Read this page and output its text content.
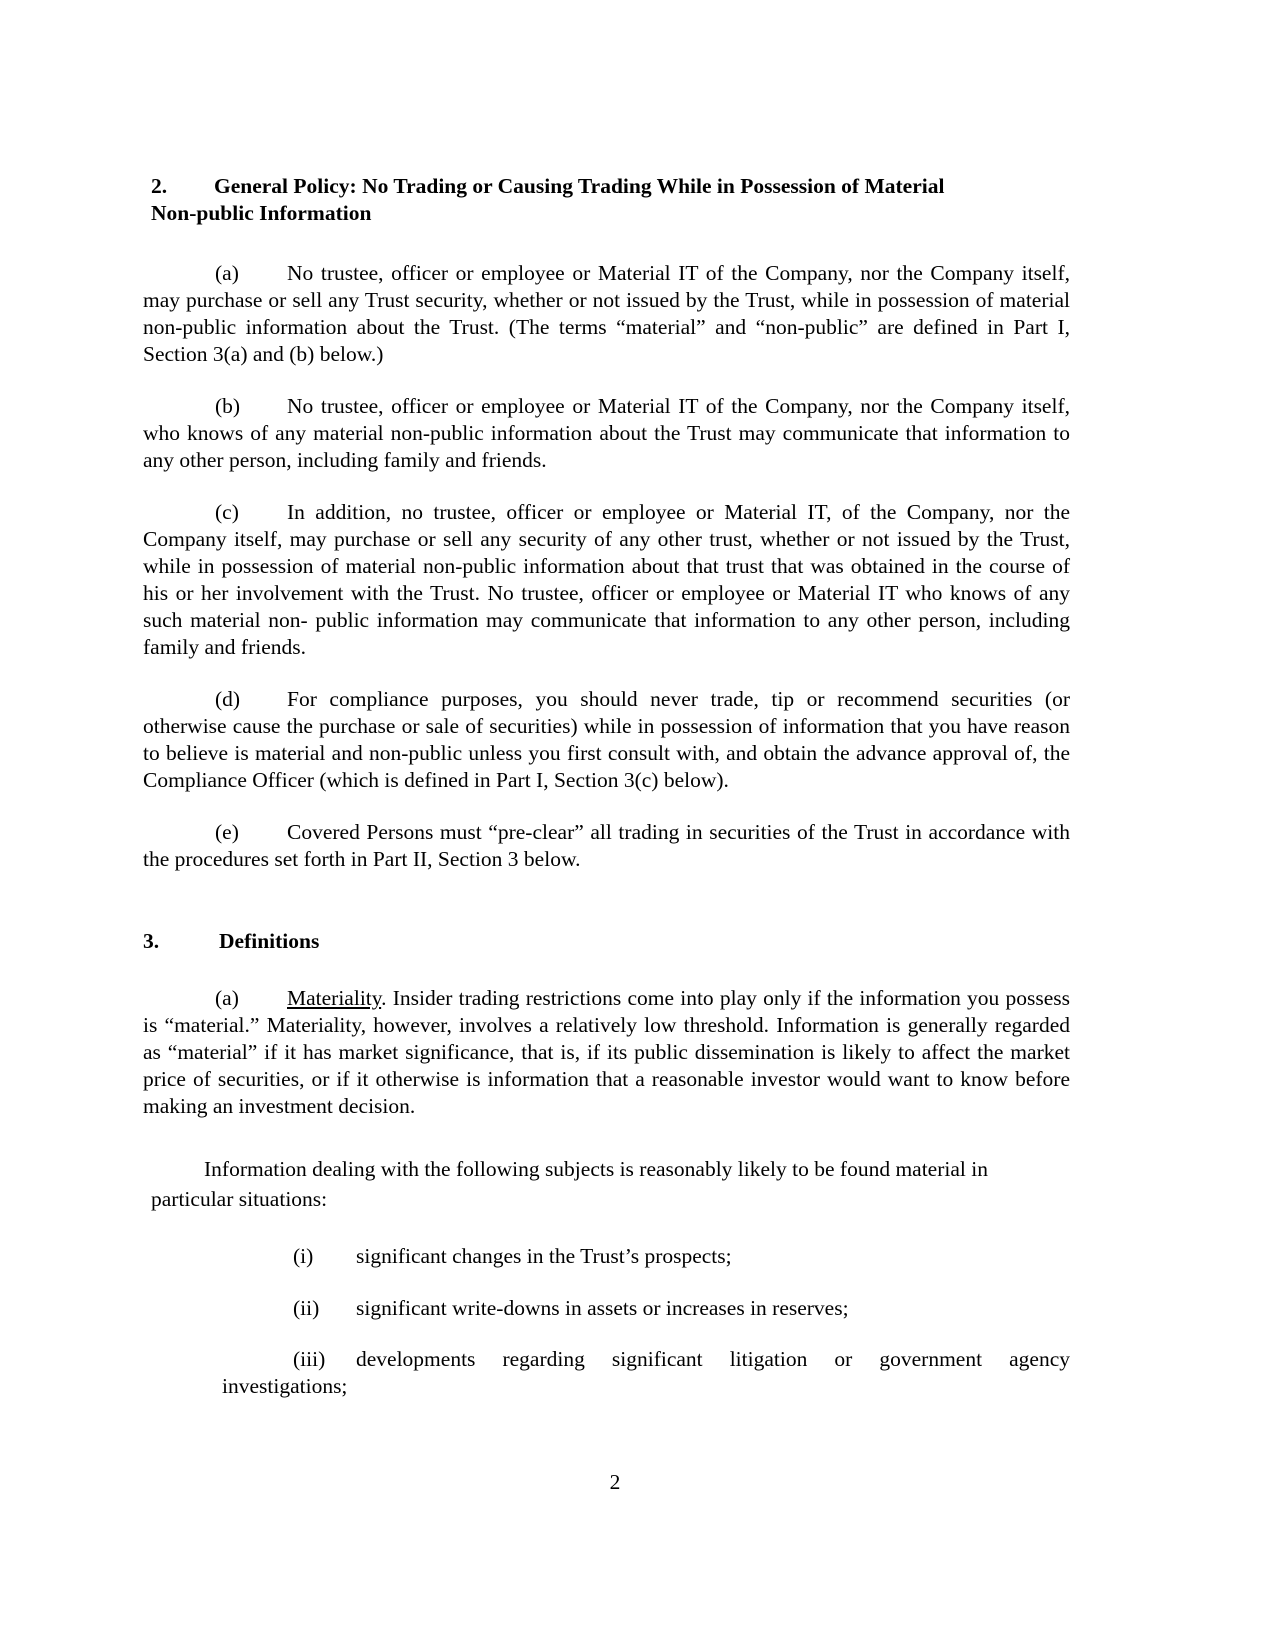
2. General Policy: No Trading or Causing Trading While in Possession of Material
Non-public Information
(a) No trustee, officer or employee or Material IT of the Company, nor the Company itself, may purchase or sell any Trust security, whether or not issued by the Trust, while in possession of material non-public information about the Trust. (The terms “material” and “non-public” are defined in Part I, Section 3(a) and (b) below.)
(b) No trustee, officer or employee or Material IT of the Company, nor the Company itself, who knows of any material non-public information about the Trust may communicate that information to any other person, including family and friends.
(c) In addition, no trustee, officer or employee or Material IT, of the Company, nor the Company itself, may purchase or sell any security of any other trust, whether or not issued by the Trust, while in possession of material non-public information about that trust that was obtained in the course of his or her involvement with the Trust. No trustee, officer or employee or Material IT who knows of any such material non- public information may communicate that information to any other person, including family and friends.
(d) For compliance purposes, you should never trade, tip or recommend securities (or otherwise cause the purchase or sale of securities) while in possession of information that you have reason to believe is material and non-public unless you first consult with, and obtain the advance approval of, the Compliance Officer (which is defined in Part I, Section 3(c) below).
(e) Covered Persons must “pre-clear” all trading in securities of the Trust in accordance with the procedures set forth in Part II, Section 3 below.
3.	Definitions
(a) Materiality. Insider trading restrictions come into play only if the information you possess is “material.” Materiality, however, involves a relatively low threshold. Information is generally regarded as “material” if it has market significance, that is, if its public dissemination is likely to affect the market price of securities, or if it otherwise is information that a reasonable investor would want to know before making an investment decision.
Information dealing with the following subjects is reasonably likely to be found material in
particular situations:
(i) significant changes in the Trust’s prospects;
(ii) significant write-downs in assets or increases in reserves;
(iii) developments regarding significant litigation or government agency
investigations;
2
